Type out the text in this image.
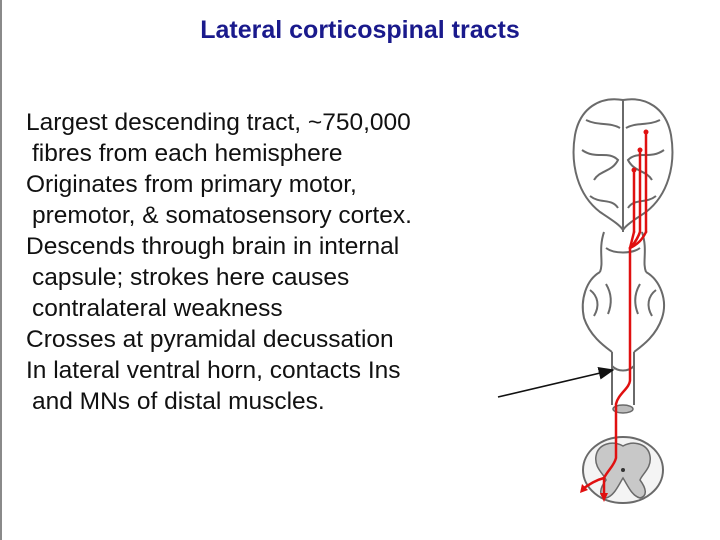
Lateral corticospinal tracts
Largest descending tract, ~750,000
fibres from each hemisphere
Originates from primary motor,
premotor, & somatosensory cortex.
Descends through brain in internal
capsule; strokes here causes
contralateral weakness
Crosses at pyramidal decussation
In lateral ventral horn, contacts Ins
and MNs of distal muscles.
